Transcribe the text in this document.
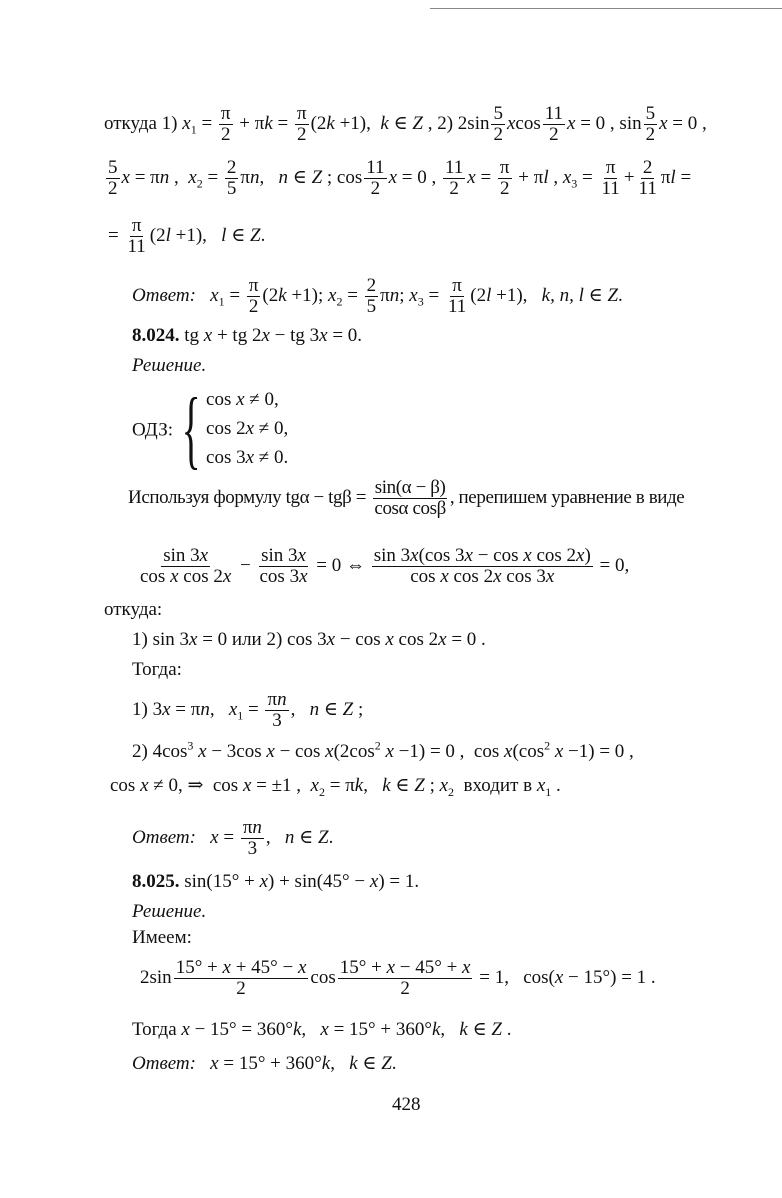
откуда 1) $x_1 = \frac{\pi}{2} + \pi k = \frac{\pi}{2} (2k +1)$,  k ∈ Z , 2) $2\sin \frac{5}{2}$ xcos $\frac{11}{2}$ x = 0 , $\sin \frac{5}{2}$ x = 0 ,
$\frac{5}{2}$ x = πn ,  $x_2 = \frac{2}{5} \pi n$,   n ∈ Z ; $\cos \frac{11}{2}$ x = 0 , $\frac{11}{2}$ $x = \frac{\pi}{2} + \pi l$ , $x_3 = \frac{\pi}{11} + \frac{2}{11}$ πl =
= $\frac{\pi}{11} (2l +1)$,   l ∈ Z.
Ответ: $x_1 = \frac{\pi}{2} (2k +1)$; $x_2 = \frac{2}{5} \pi n$; $x_3 = \frac{\pi}{11} (2l +1)$,   k, n, l ∈ Z.
8.024. tg x + tg 2x − tg 3x = 0.
Решение.
ОДЗ: { cos x ≠ 0,
cos 2x ≠ 0,
cos 3x ≠ 0.
Используя формулу $tg\alpha - tg\beta = \frac{\sin(\alpha - \beta)}{\text{cosα cosβ}}$ , перепишем уравнение в виде
$\frac{\sin 3x}{\text{cos x cos 2x}} - \frac{\sin 3x}{\cos 3x} = 0$ ⇔ $\frac{\text{sin 3x(cos 3x − cos x cos 2x)}}{\text{cos x cos 2x cos 3x}} = 0$,
откуда:
1) sin 3x = 0 или 2) cos 3x − cos x cos 2x = 0 .
Тогда:
1) 3x = πn,   $x_1 = \frac{\pi n}{3}$ ,   n ∈ Z ;
2) $4\cos^3$ x − 3cos $x - \cos x(2\cos^2$ x −1) = 0 ,  $\cos x(\cos^2$ x −1) = 0 ,
cos x ≠ 0, ⇒  cos x = ±1 ,  $x_2 = \pi k$,   k ∈ Z ; $x_2$  входит в $x_1$ .
Ответ: $x = \frac{\pi n}{3}$ ,   n ∈ Z.
8.025. sin(15° + x) + sin(45° − x) = 1.
Решение.
Имеем:
$2\sin \frac{15^\circ + x + 45^\circ - x}{2}$ $\cos \frac{15^\circ + x - 45^\circ + x}{2} = 1$,   cos(x − 15°) = 1 .
Тогда x − 15° = 360°k,   x = 15° + 360°k,   k ∈ Z .
Ответ: x = 15° + 360°k,   k ∈ Z.
428
